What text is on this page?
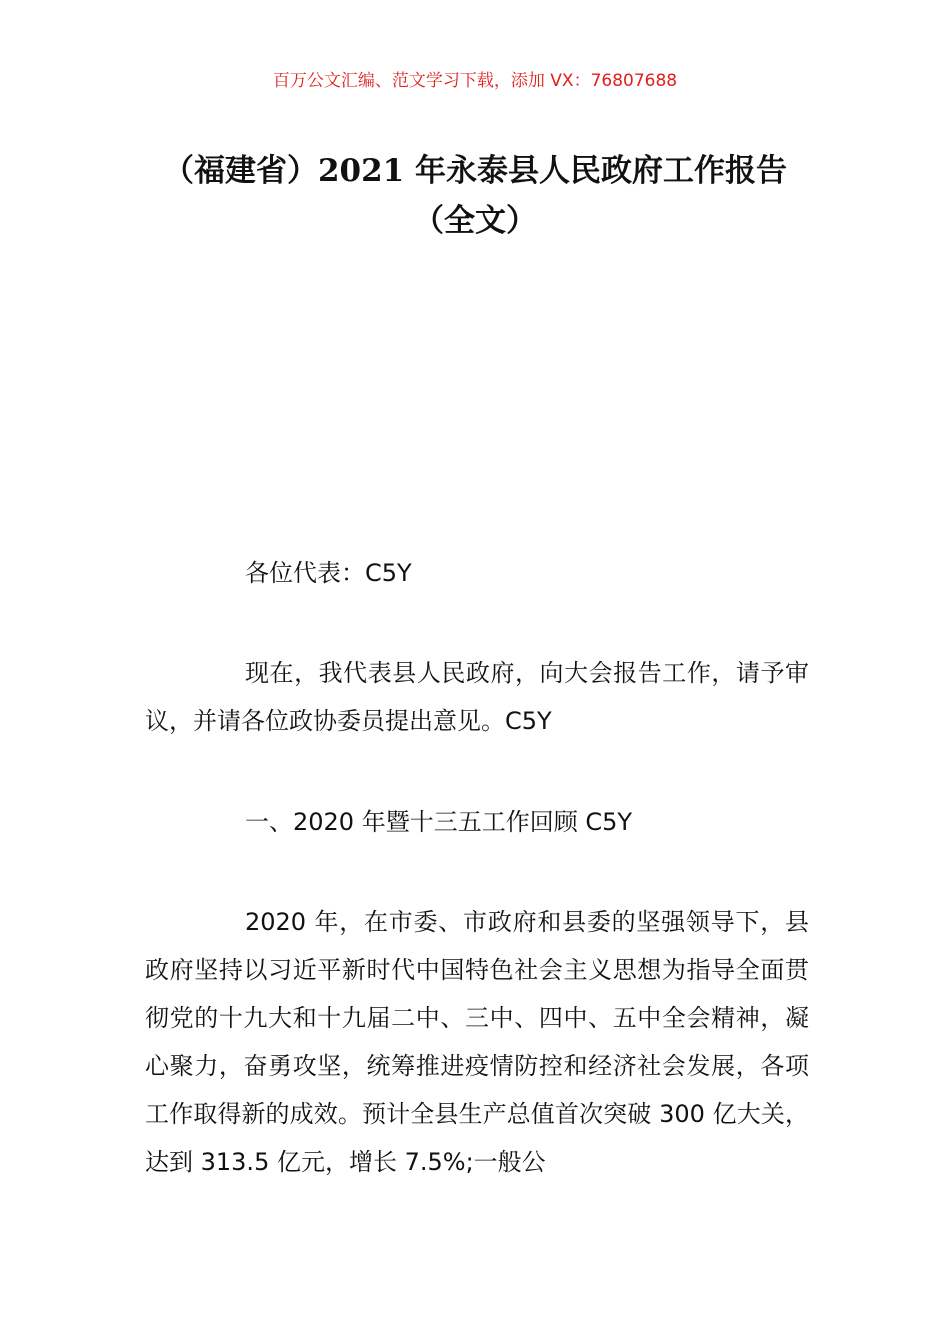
百万公文汇编、范文学习下载，添加 VX：76807688
（福建省）2021 年永泰县人民政府工作报告（全文）

各位代表：C5Y

现在，我代表县人民政府，向大会报告工作，请予审议，并请各位政协委员提出意见。C5Y

一、2020 年暨十三五工作回顾 C5Y

2020 年，在市委、市政府和县委的坚强领导下，县政府坚持以习近平新时代中国特色社会主义思想为指导全面贯彻党的十九大和十九届二中、三中、四中、五中全会精神，凝心聚力，奋勇攻坚，统筹推进疫情防控和经济社会发展，各项工作取得新的成效。预计全县生产总值首次突破 300 亿大关，达到 313.5 亿元，增长 7.5%;一般公
